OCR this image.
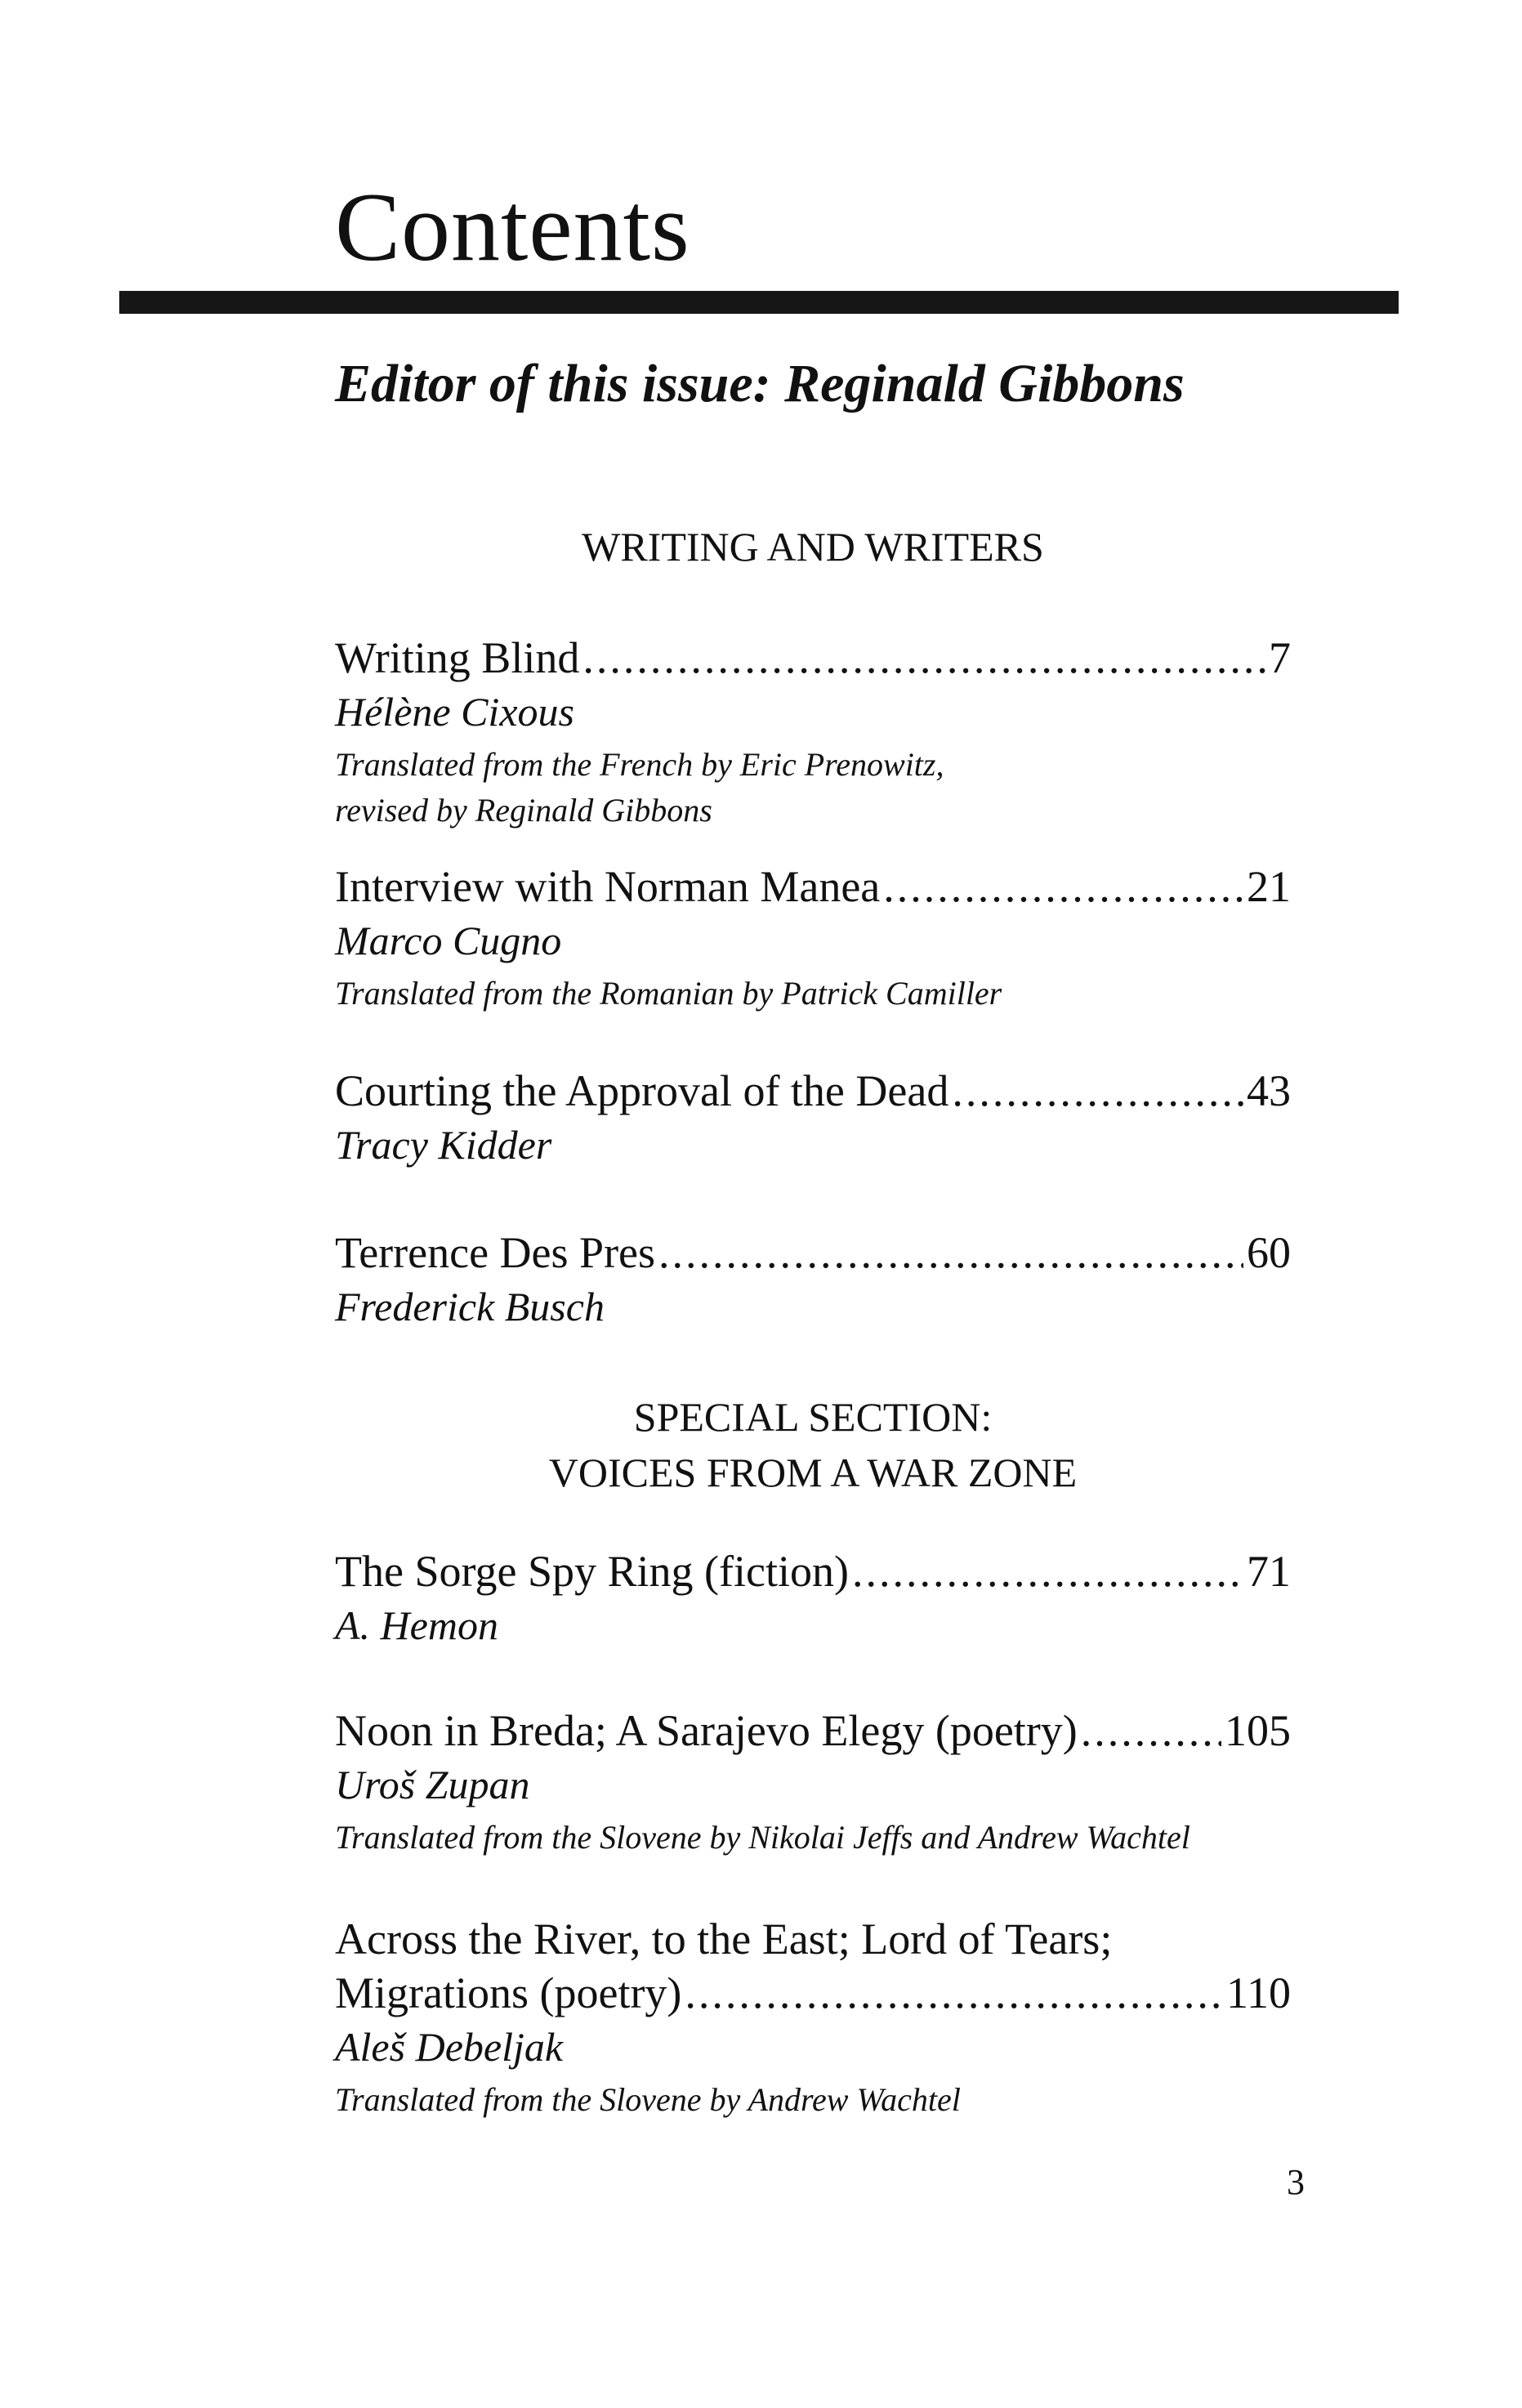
Contents
Editor of this issue: Reginald Gibbons
WRITING AND WRITERS
Writing Blind .....	7
Hélène Cixous
Translated from the French by Eric Prenowitz,
revised by Reginald Gibbons
Interview with Norman Manea .....	21
Marco Cugno
Translated from the Romanian by Patrick Camiller
Courting the Approval of the Dead .....	43
Tracy Kidder
Terrence Des Pres .....	60
Frederick Busch
SPECIAL SECTION:
VOICES FROM A WAR ZONE
The Sorge Spy Ring (fiction) .....	71
A. Hemon
Noon in Breda; A Sarajevo Elegy (poetry) .....	105
Uroš Zupan
Translated from the Slovene by Nikolai Jeffs and Andrew Wachtel
Across the River, to the East; Lord of Tears;
Migrations (poetry) .....	110
Aleš Debeljak
Translated from the Slovene by Andrew Wachtel
3
